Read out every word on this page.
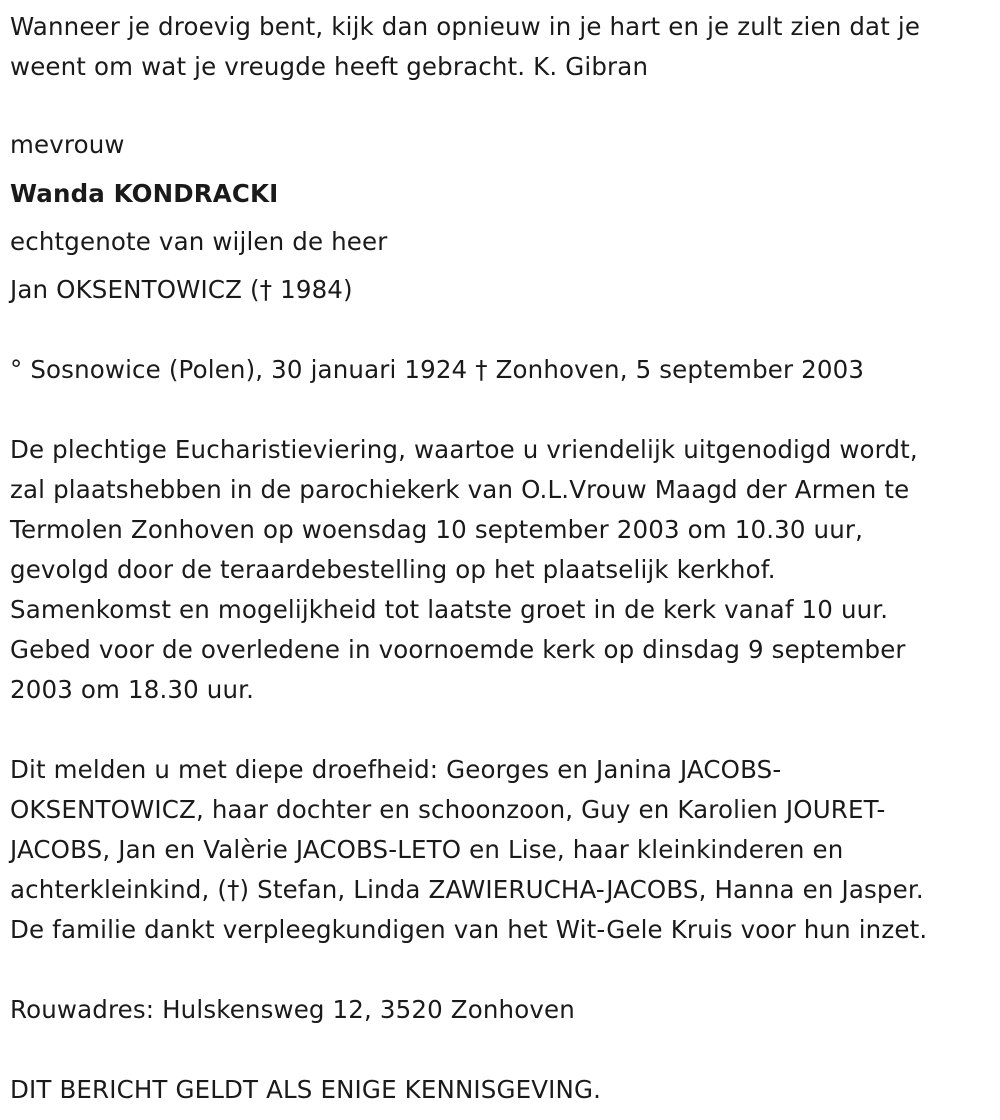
Wanneer je droevig bent, kijk dan opnieuw in je hart en je zult zien dat je
weent om wat je vreugde heeft gebracht. K. Gibran
mevrouw
Wanda KONDRACKI
echtgenote van wijlen de heer
Jan OKSENTOWICZ († 1984)
° Sosnowice (Polen), 30 januari 1924 † Zonhoven, 5 september 2003
De plechtige Eucharistieviering, waartoe u vriendelijk uitgenodigd wordt,
zal plaatshebben in de parochiekerk van O.L.Vrouw Maagd der Armen te
Termolen Zonhoven op woensdag 10 september 2003 om 10.30 uur,
gevolgd door de teraardebestelling op het plaatselijk kerkhof.
Samenkomst en mogelijkheid tot laatste groet in de kerk vanaf 10 uur.
Gebed voor de overledene in voornoemde kerk op dinsdag 9 september
2003 om 18.30 uur.
Dit melden u met diepe droefheid: Georges en Janina JACOBS-
OKSENTOWICZ, haar dochter en schoonzoon, Guy en Karolien JOURET-
JACOBS, Jan en Valèrie JACOBS-LETO en Lise, haar kleinkinderen en
achterkleinkind, (†) Stefan, Linda ZAWIERUCHA-JACOBS, Hanna en Jasper.
De familie dankt verpleegkundigen van het Wit-Gele Kruis voor hun inzet.
Rouwadres: Hulskensweg 12, 3520 Zonhoven
DIT BERICHT GELDT ALS ENIGE KENNISGEVING.
